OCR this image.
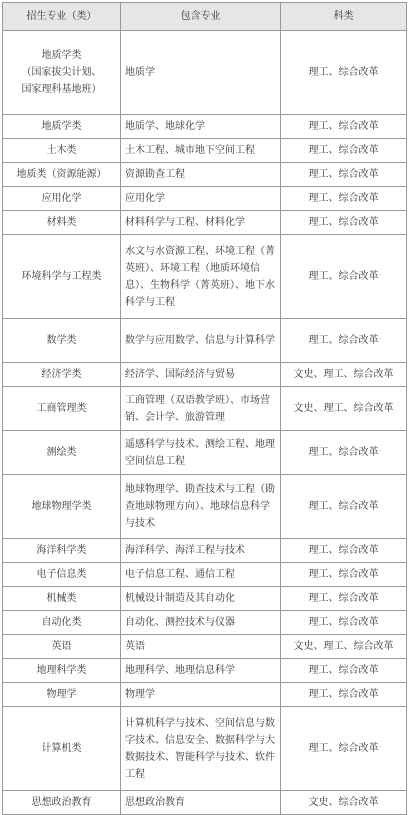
招生专业（类）	包含专业	科类
地质学类
（国家拔尖计划、
国家理科基地班）	地质学	理工、综合改革
地质学类	地质学、地球化学	理工、综合改革
土木类	土木工程、城市地下空间工程	理工、综合改革
地质类（资源能源）	资源勘查工程	理工、综合改革
应用化学	应用化学	理工、综合改革
材料类	材料科学与工程、材料化学	理工、综合改革
环境科学与工程类	水文与水资源工程、环境工程（菁英班）、环境工程（地质环境信息）、生物科学（菁英班）、地下水科学与工程	理工、综合改革
数学类	数学与应用数学、信息与计算科学	理工、综合改革
经济学类	经济学、国际经济与贸易	文史、理工、综合改革
工商管理类	工商管理（双语教学班）、市场营销、会计学、旅游管理	文史、理工、综合改革
测绘类	遥感科学与技术、测绘工程、地理空间信息工程	理工、综合改革
地球物理学类	地球物理学、勘查技术与工程（勘查地球物理方向）、地球信息科学与技术	理工、综合改革
海洋科学类	海洋科学、海洋工程与技术	理工、综合改革
电子信息类	电子信息工程、通信工程	理工、综合改革
机械类	机械设计制造及其自动化	理工、综合改革
自动化类	自动化、测控技术与仪器	理工、综合改革
英语	英语	文史、理工、综合改革
地理科学类	地理科学、地理信息科学	理工、综合改革
物理学	物理学	理工、综合改革
计算机类	计算机科学与技术、空间信息与数字技术、信息安全、数据科学与大数据技术、智能科学与技术、软件工程	理工、综合改革
思想政治教育	思想政治教育	文史、综合改革
